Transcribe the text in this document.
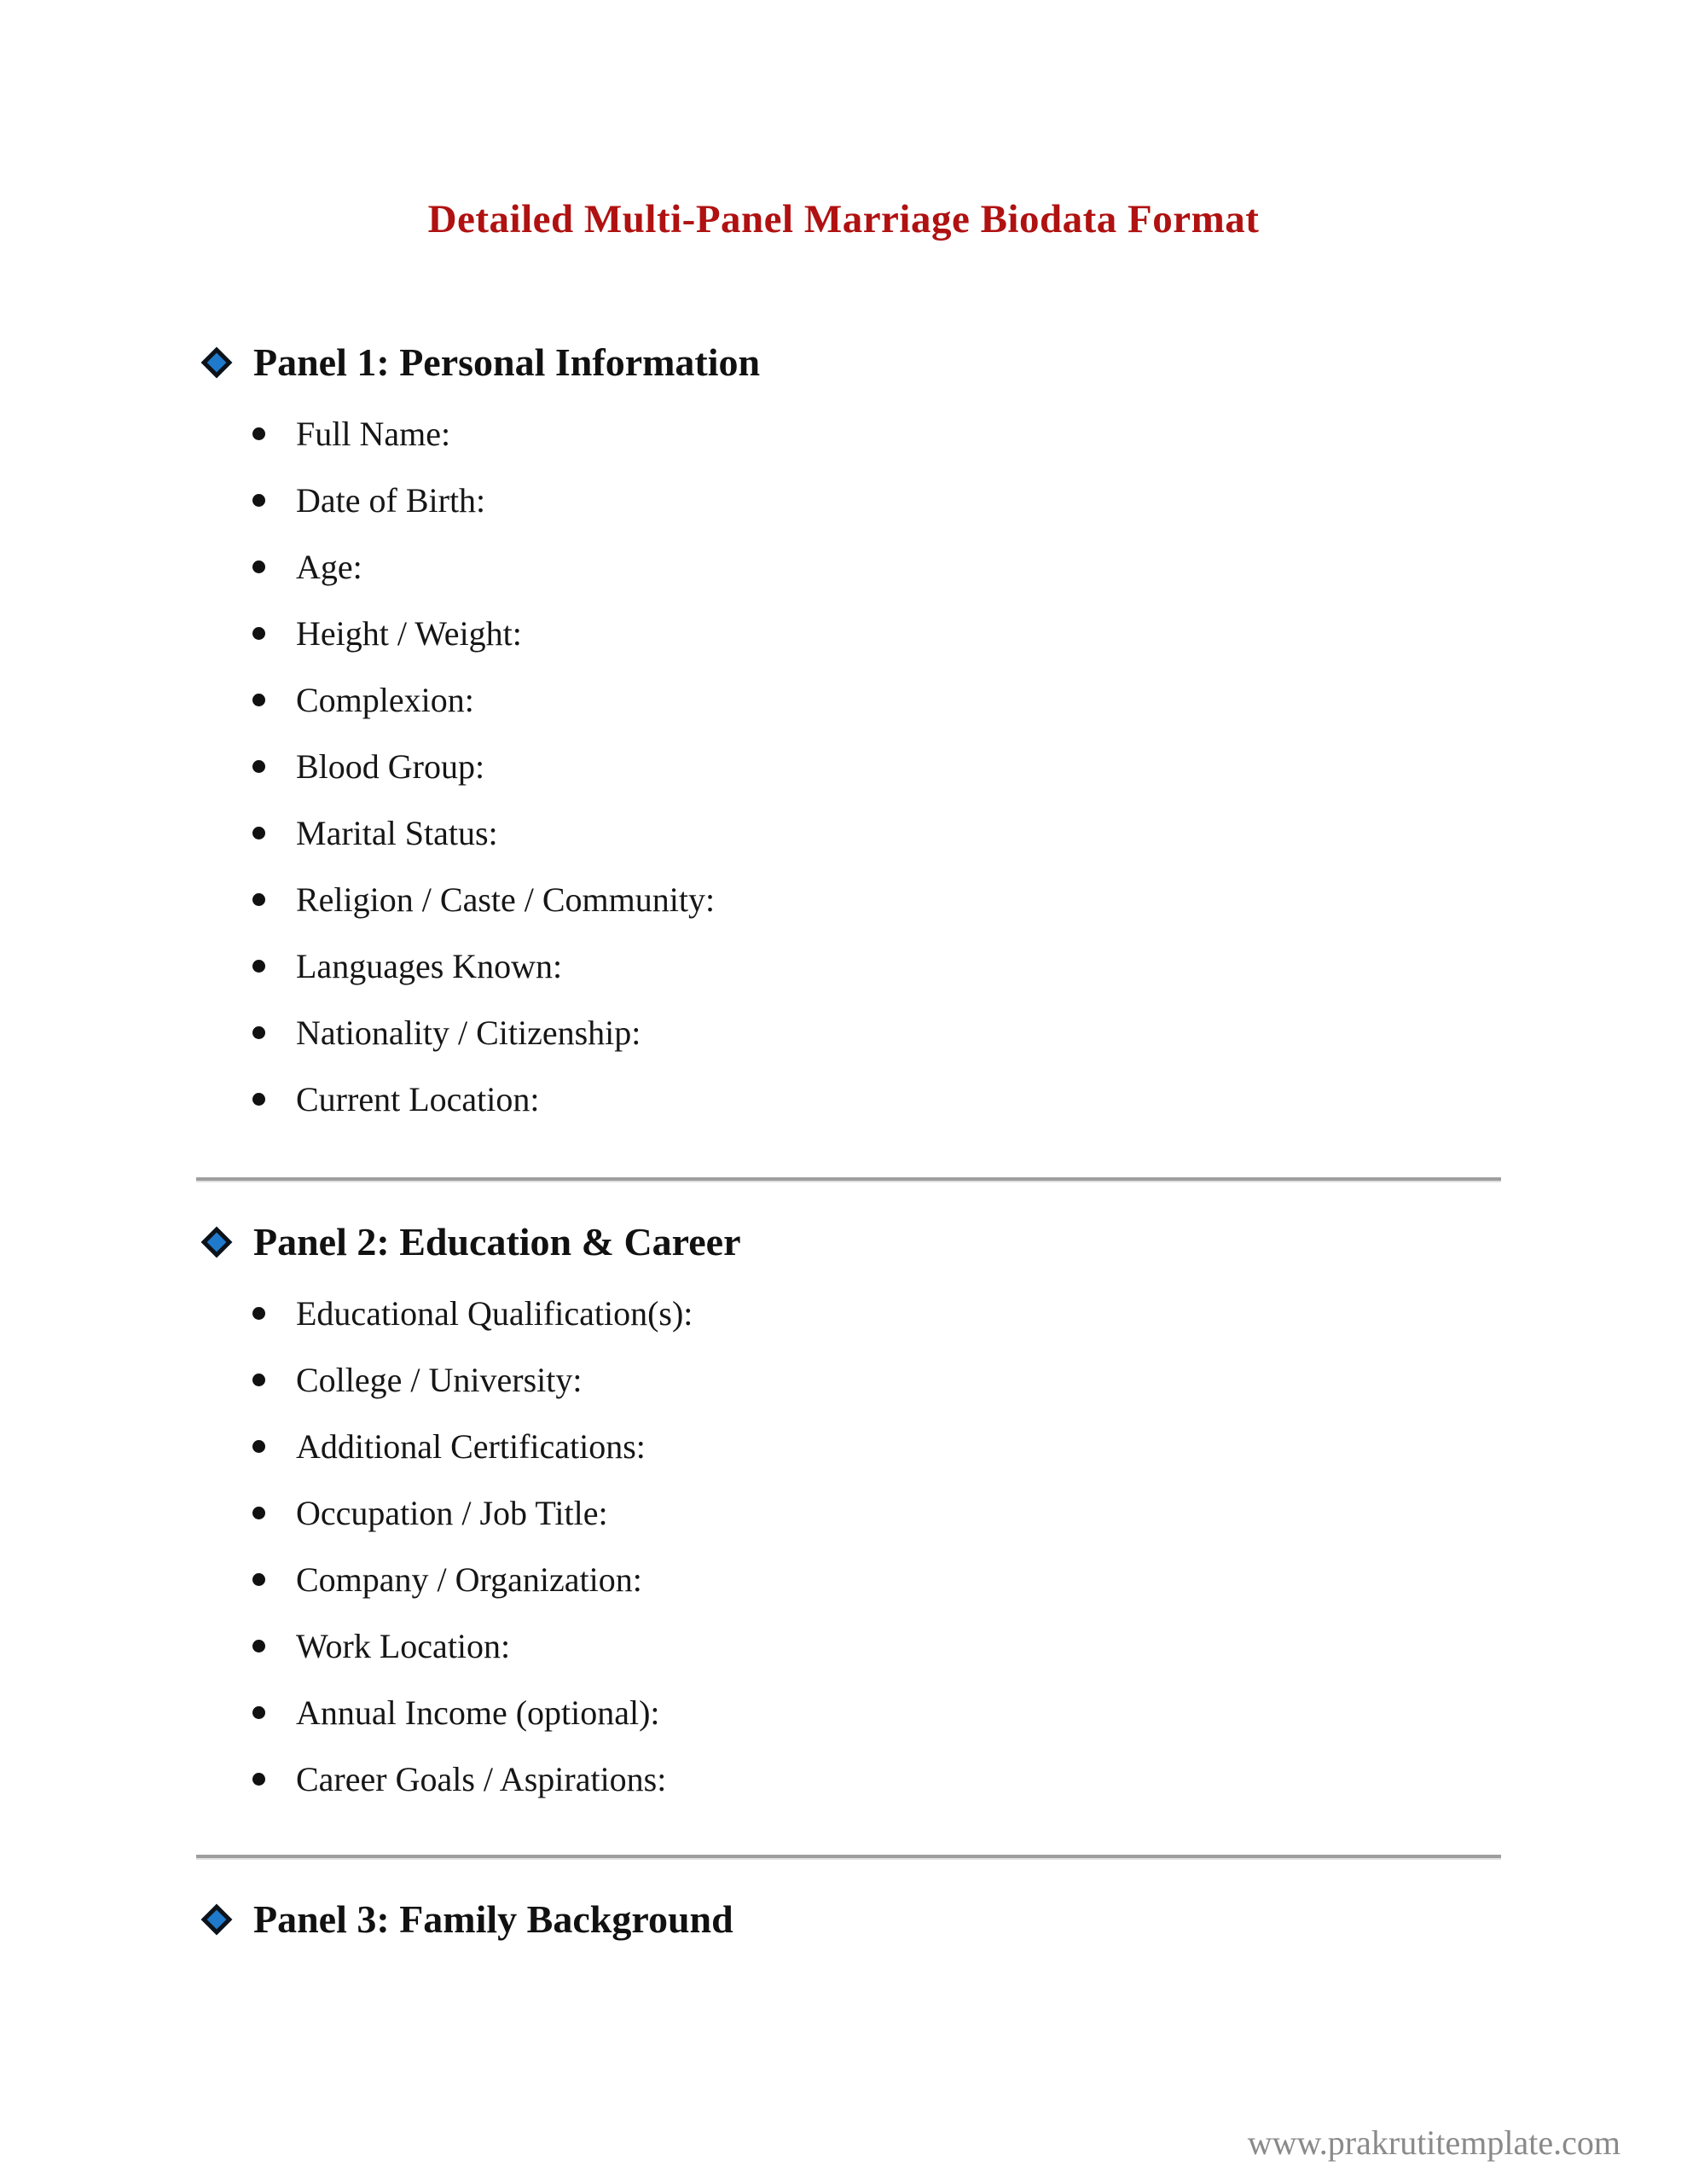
Detailed Multi-Panel Marriage Biodata Format
Panel 1: Personal Information
Full Name:
Date of Birth:
Age:
Height / Weight:
Complexion:
Blood Group:
Marital Status:
Religion / Caste / Community:
Languages Known:
Nationality / Citizenship:
Current Location:
Panel 2: Education & Career
Educational Qualification(s):
College / University:
Additional Certifications:
Occupation / Job Title:
Company / Organization:
Work Location:
Annual Income (optional):
Career Goals / Aspirations:
Panel 3: Family Background
www.prakrutitemplate.com
